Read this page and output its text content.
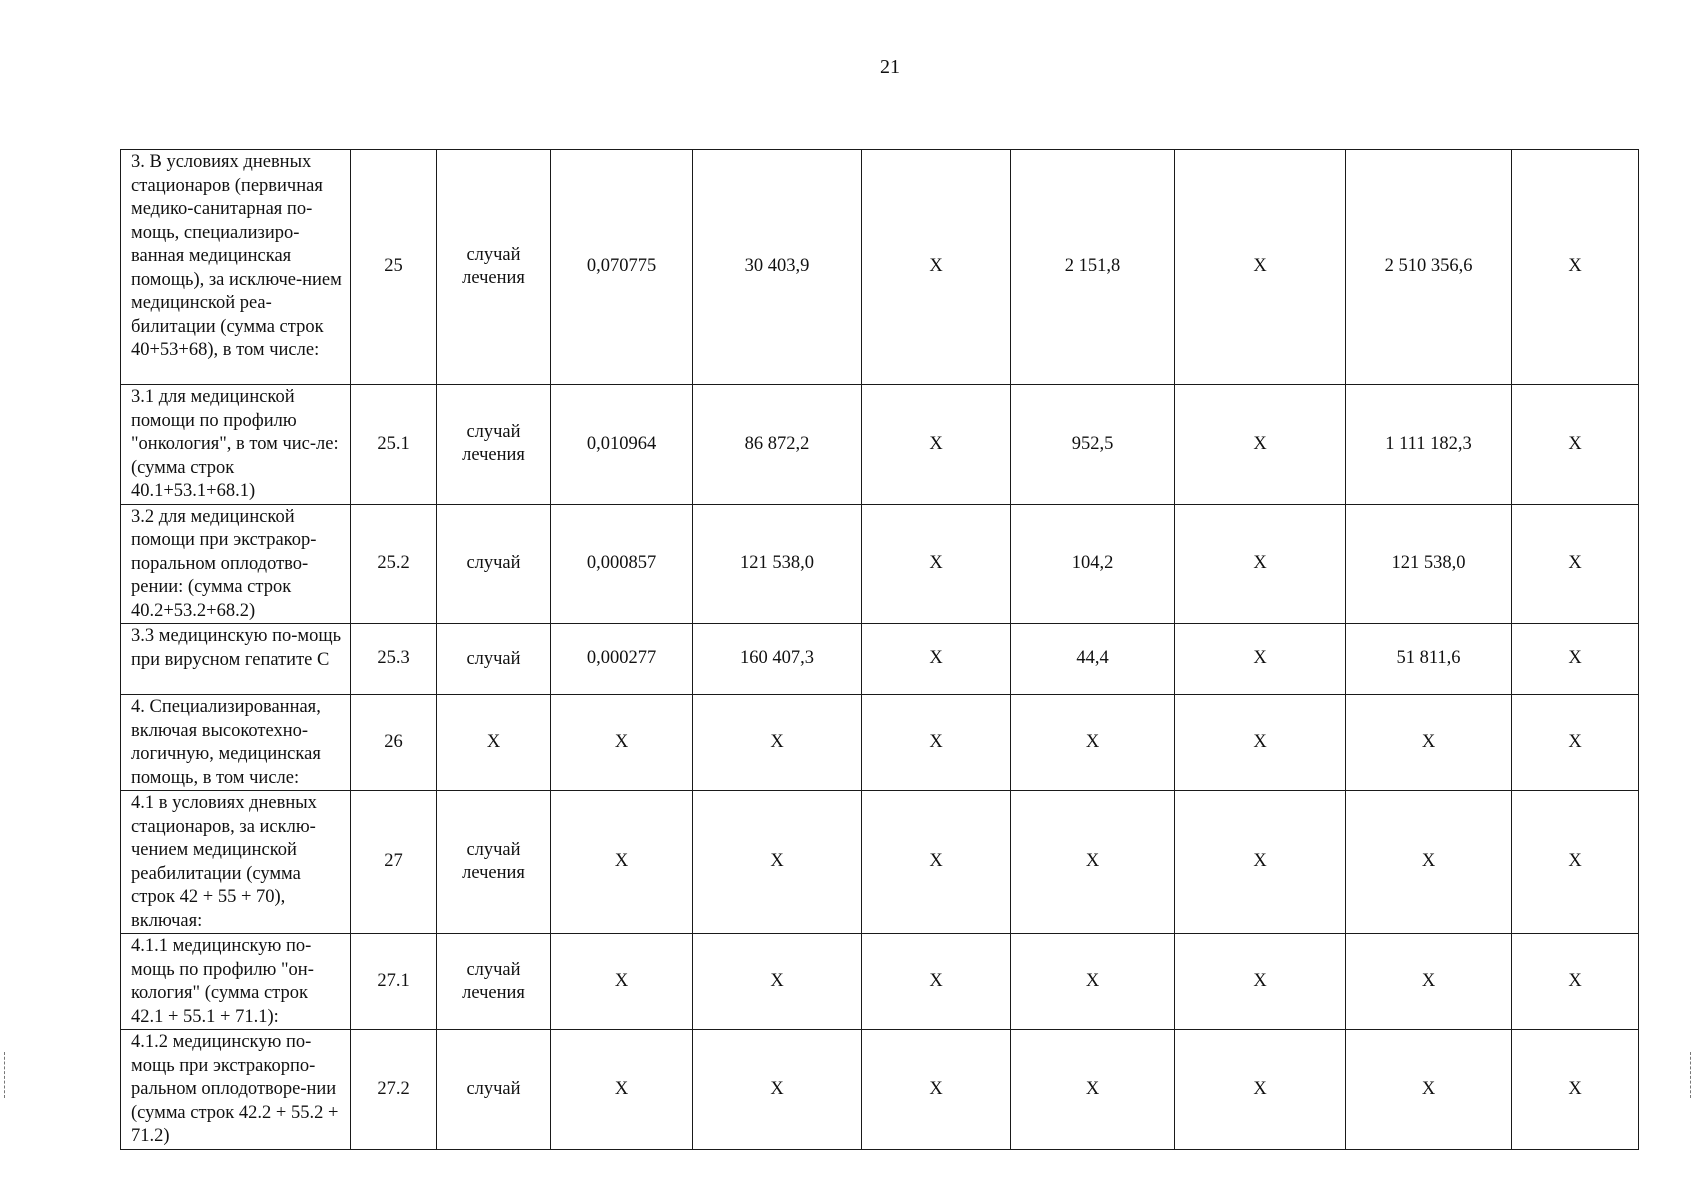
21
3. В условиях дневных стационаров (первичная медико-санитарная по-мощь, специализиро-ванная медицинская помощь), за исключе-нием медицинской реа-билитации (сумма строк 40+53+68), в том числе:	25	случай лечения	0,070775	30 403,9	X	2 151,8	X	2 510 356,6	X
3.1 для медицинской помощи по профилю "онкология", в том чис-ле: (сумма строк 40.1+53.1+68.1)	25.1	случай лечения	0,010964	86 872,2	X	952,5	X	1 111 182,3	X
3.2 для медицинской помощи при экстракор-поральном оплодотво-рении: (сумма строк 40.2+53.2+68.2)	25.2	случай	0,000857	121 538,0	X	104,2	X	121 538,0	X
3.3 медицинскую по-мощь при вирусном гепатите С	25.3	случай	0,000277	160 407,3	X	44,4	X	51 811,6	X
4. Специализированная, включая высокотехно-логичную, медицинская помощь, в том числе:	26	X	X	X	X	X	X	X	X
4.1 в условиях дневных стационаров, за исклю-чением медицинской реабилитации (сумма строк 42 + 55 + 70), включая:	27	случай лечения	X	X	X	X	X	X	X
4.1.1 медицинскую по-мощь по профилю "он-кология" (сумма строк 42.1 + 55.1 + 71.1):	27.1	случай лечения	X	X	X	X	X	X	X
4.1.2 медицинскую по-мощь при экстракорпо-ральном оплодотворе-нии (сумма строк 42.2 + 55.2 + 71.2)	27.2	случай	X	X	X	X	X	X	X
